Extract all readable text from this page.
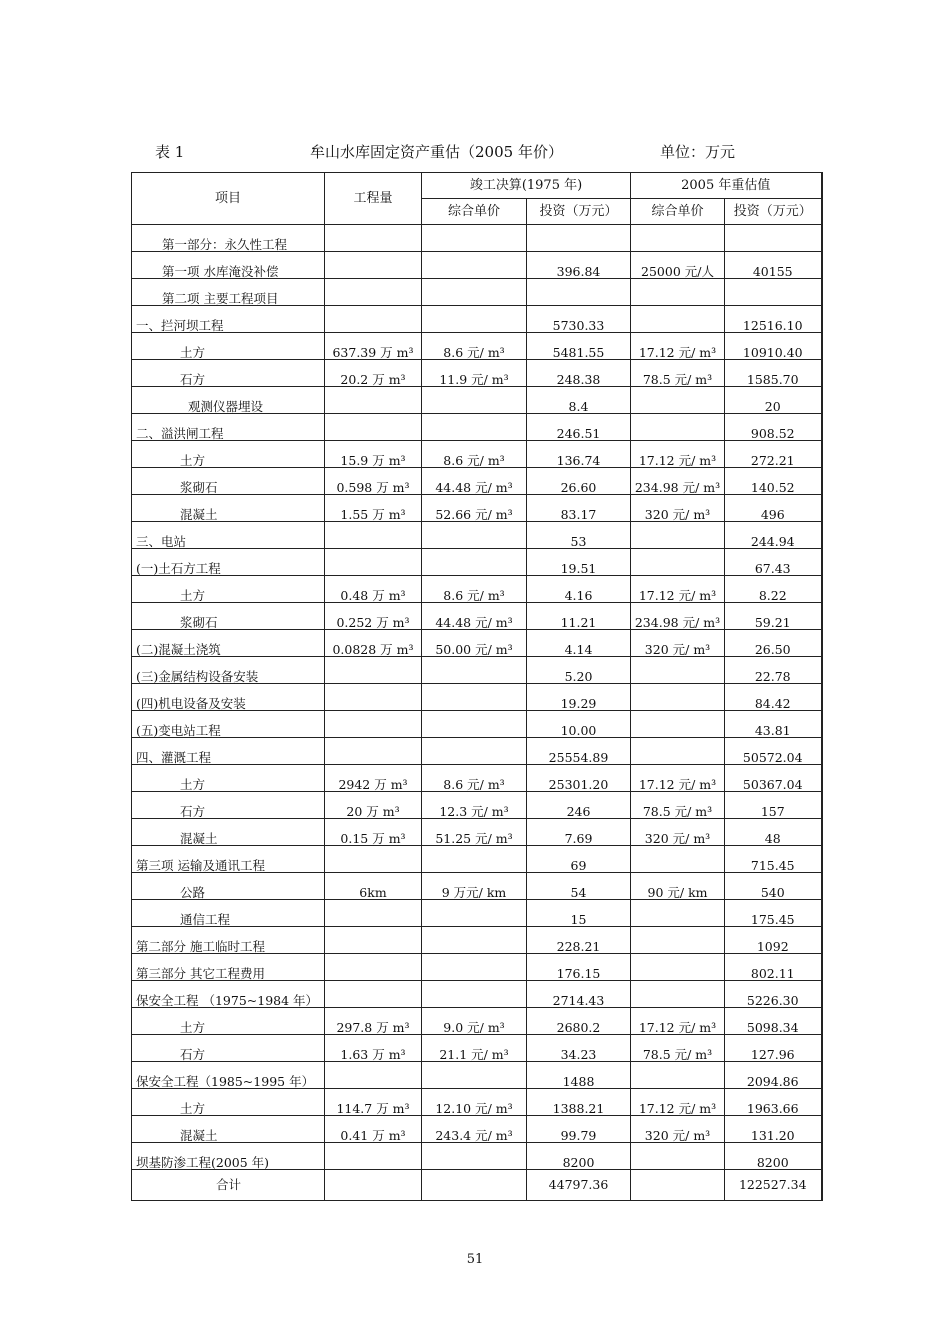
表 1	牟山水库固定资产重估（2005 年价）	单位：万元
项目	工程量	竣工决算(1975 年)		2005 年重估值	
		综合单价	投资（万元）	综合单价	投资（万元）
第一部分：永久性工程					
第一项 水库淹没补偿			396.84	25000 元/人	40155
第二项 主要工程项目					
一、拦河坝工程			5730.33		12516.10
土方	637.39 万 m³	8.6 元/ m³	5481.55	17.12 元/ m³	10910.40
石方	20.2 万 m³	11.9 元/ m³	248.38	78.5 元/ m³	1585.70
观测仪器埋设			8.4		20
二、溢洪闸工程			246.51		908.52
土方	15.9 万 m³	8.6 元/ m³	136.74	17.12 元/ m³	272.21
浆砌石	0.598 万 m³	44.48 元/ m³	26.60	234.98 元/ m³	140.52
混凝土	1.55 万 m³	52.66 元/ m³	83.17	320 元/ m³	496
三、电站			53		244.94
(一)土石方工程			19.51		67.43
土方	0.48 万 m³	8.6 元/ m³	4.16	17.12 元/ m³	8.22
浆砌石	0.252 万 m³	44.48 元/ m³	11.21	234.98 元/ m³	59.21
(二)混凝土浇筑	0.0828 万 m³	50.00 元/ m³	4.14	320 元/ m³	26.50
(三)金属结构设备安装			5.20		22.78
(四)机电设备及安装			19.29		84.42
(五)变电站工程			10.00		43.81
四、灌溉工程			25554.89		50572.04
土方	2942 万 m³	8.6 元/ m³	25301.20	17.12 元/ m³	50367.04
石方	20 万 m³	12.3 元/ m³	246	78.5 元/ m³	157
混凝土	0.15 万 m³	51.25 元/ m³	7.69	320 元/ m³	48
第三项 运输及通讯工程			69		715.45
公路	6km	9 万元/ km	54	90 元/ km	540
通信工程			15		175.45
第二部分 施工临时工程			228.21		1092
第三部分 其它工程费用			176.15		802.11
保安全工程 （1975~1984 年）			2714.43		5226.30
土方	297.8 万 m³	9.0 元/ m³	2680.2	17.12 元/ m³	5098.34
石方	1.63 万 m³	21.1 元/ m³	34.23	78.5 元/ m³	127.96
保安全工程（1985~1995 年）			1488		2094.86
土方	114.7 万 m³	12.10 元/ m³	1388.21	17.12 元/ m³	1963.66
混凝土	0.41 万 m³	243.4 元/ m³	99.79	320 元/ m³	131.20
坝基防渗工程(2005 年)			8200		8200
合计			44797.36		122527.34
51
